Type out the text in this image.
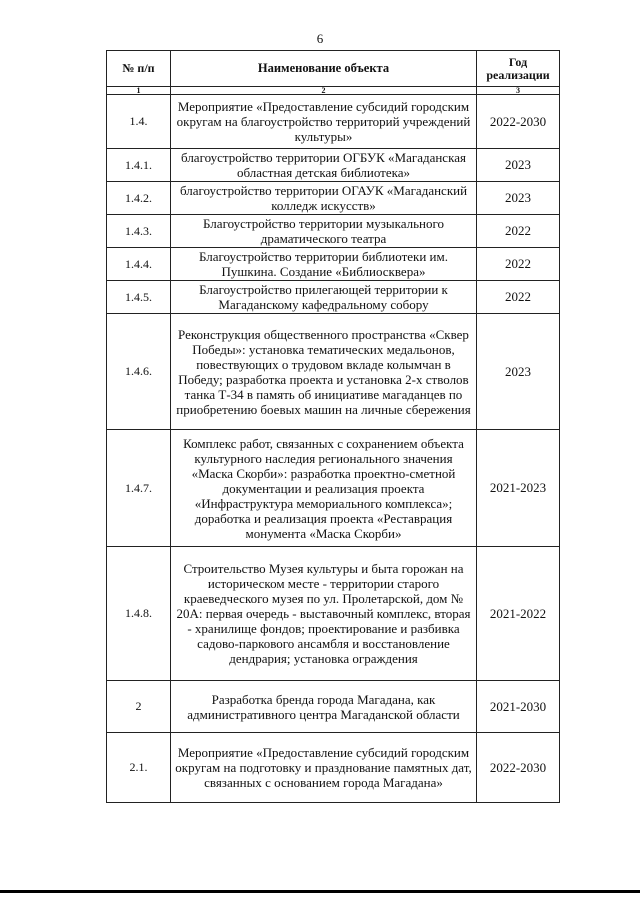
6
№ п/п	Наименование объекта	Год реализации
1	2	3
1.4.	Мероприятие «Предоставление субсидий городским округам на благоустройство территорий учреждений культуры»	2022-2030
1.4.1.	благоустройство территории ОГБУК «Магаданская областная детская библиотека»	2023
1.4.2.	благоустройство территории ОГАУК «Магаданский колледж искусств»	2023
1.4.3.	Благоустройство территории музыкального драматического театра	2022
1.4.4.	Благоустройство территории библиотеки им. Пушкина. Создание «Библиосквера»	2022
1.4.5.	Благоустройство прилегающей территории к Магаданскому кафедральному собору	2022
1.4.6.	Реконструкция общественного пространства «Сквер Победы»: установка тематических медальонов, повествующих о трудовом вкладе колымчан в Победу; разработка проекта и установка 2-х стволов танка Т-34 в память об инициативе магаданцев по приобретению боевых машин на личные сбережения	2023
1.4.7.	Комплекс работ, связанных с сохранением объекта культурного наследия регионального значения «Маска Скорби»: разработка проектно-сметной документации и реализация проекта «Инфраструктура мемориального комплекса»; доработка и реализация проекта «Реставрация монумента «Маска Скорби»	2021-2023
1.4.8.	Строительство Музея культуры и быта горожан на историческом месте - территории старого краеведческого музея по ул. Пролетарской, дом № 20А: первая очередь - выставочный комплекс, вторая - хранилище фондов; проектирование и разбивка садово-паркового ансамбля и восстановление дендрария; установка ограждения	2021-2022
2	Разработка бренда города Магадана, как административного центра Магаданской области	2021-2030
2.1.	Мероприятие «Предоставление субсидий городским округам на подготовку и празднование памятных дат, связанных с основанием города Магадана»	2022-2030
